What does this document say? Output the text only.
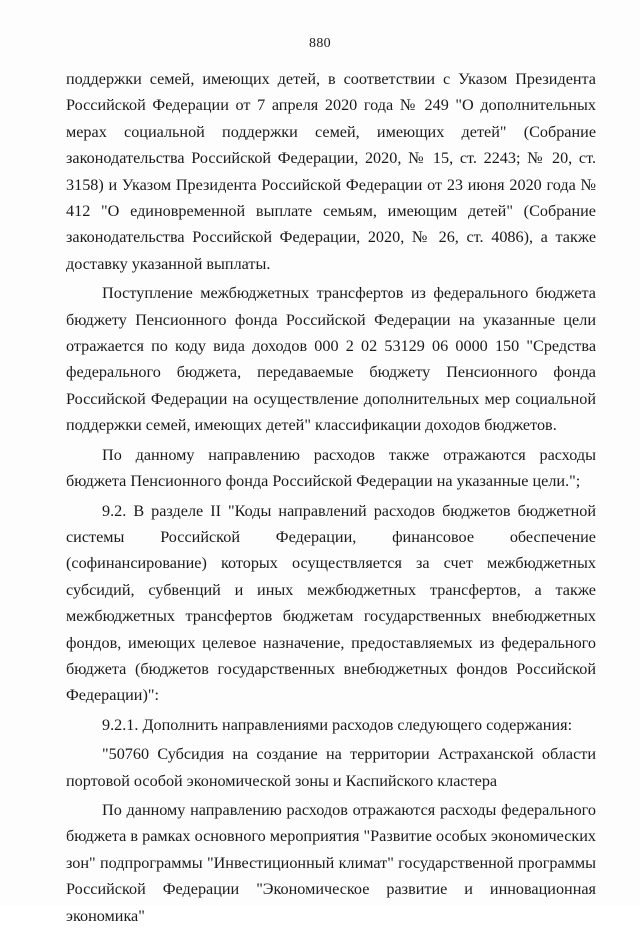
880

поддержки семей, имеющих детей, в соответствии с Указом Президента Российской Федерации от 7 апреля 2020 года № 249 "О дополнительных мерах социальной поддержки семей, имеющих детей" (Собрание законодательства Российской Федерации, 2020, № 15, ст. 2243; № 20, ст. 3158) и Указом Президента Российской Федерации от 23 июня 2020 года № 412 "О единовременной выплате семьям, имеющим детей" (Собрание законодательства Российской Федерации, 2020, № 26, ст. 4086), а также доставку указанной выплаты.

Поступление межбюджетных трансфертов из федерального бюджета бюджету Пенсионного фонда Российской Федерации на указанные цели отражается по коду вида доходов 000 2 02 53129 06 0000 150 "Средства федерального бюджета, передаваемые бюджету Пенсионного фонда Российской Федерации на осуществление дополнительных мер социальной поддержки семей, имеющих детей" классификации доходов бюджетов.

По данному направлению расходов также отражаются расходы бюджета Пенсионного фонда Российской Федерации на указанные цели.";

9.2. В разделе II "Коды направлений расходов бюджетов бюджетной системы Российской Федерации, финансовое обеспечение (софинансирование) которых осуществляется за счет межбюджетных субсидий, субвенций и иных межбюджетных трансфертов, а также межбюджетных трансфертов бюджетам государственных внебюджетных фондов, имеющих целевое назначение, предоставляемых из федерального бюджета (бюджетов государственных внебюджетных фондов Российской Федерации)":

9.2.1. Дополнить направлениями расходов следующего содержания:

"50760 Субсидия на создание на территории Астраханской области портовой особой экономической зоны и Каспийского кластера

По данному направлению расходов отражаются расходы федерального бюджета в рамках основного мероприятия "Развитие особых экономических зон" подпрограммы "Инвестиционный климат" государственной программы Российской Федерации "Экономическое развитие и инновационная экономика"
